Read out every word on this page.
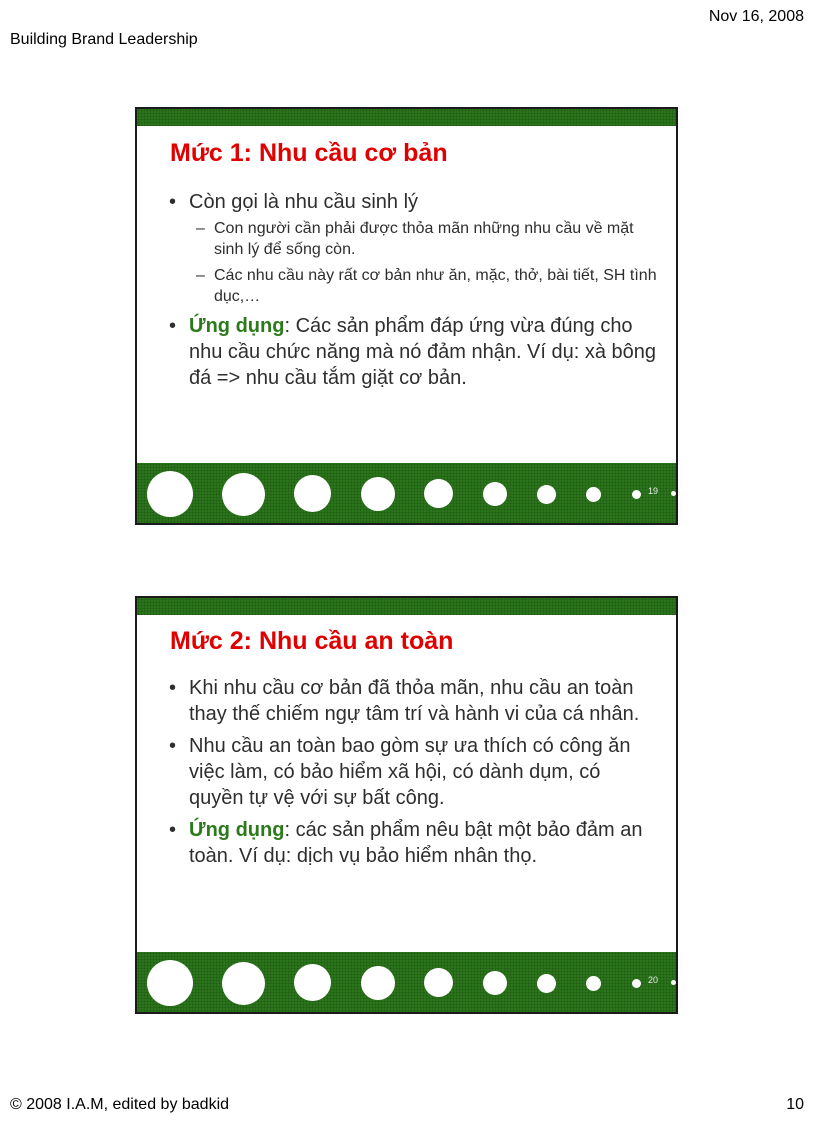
Building Brand Leadership
Nov 16, 2008
Mức 1: Nhu cầu cơ bản
• Còn gọi là nhu cầu sinh lý
– Con người cần phải được thỏa mãn những nhu cầu về mặt sinh lý để sống còn.
– Các nhu cầu này rất cơ bản như ăn, mặc, thở, bài tiết, SH tình dục,…
• Ứng dụng: Các sản phẩm đáp ứng vừa đúng cho nhu cầu chức năng mà nó đảm nhận. Ví dụ: xà bông đá => nhu cầu tắm giặt cơ bản.
19
Mức 2: Nhu cầu an toàn
• Khi nhu cầu cơ bản đã thỏa mãn, nhu cầu an toàn thay thế chiếm ngự tâm trí và hành vi của cá nhân.
• Nhu cầu an toàn bao gòm sự ưa thích có công ăn việc làm, có bảo hiểm xã hội, có dành dụm, có quyền tự vệ với sự bất công.
• Ứng dụng: các sản phẩm nêu bật một bảo đảm an toàn. Ví dụ: dịch vụ bảo hiểm nhân thọ.
20
© 2008 I.A.M, edited by badkid	10
